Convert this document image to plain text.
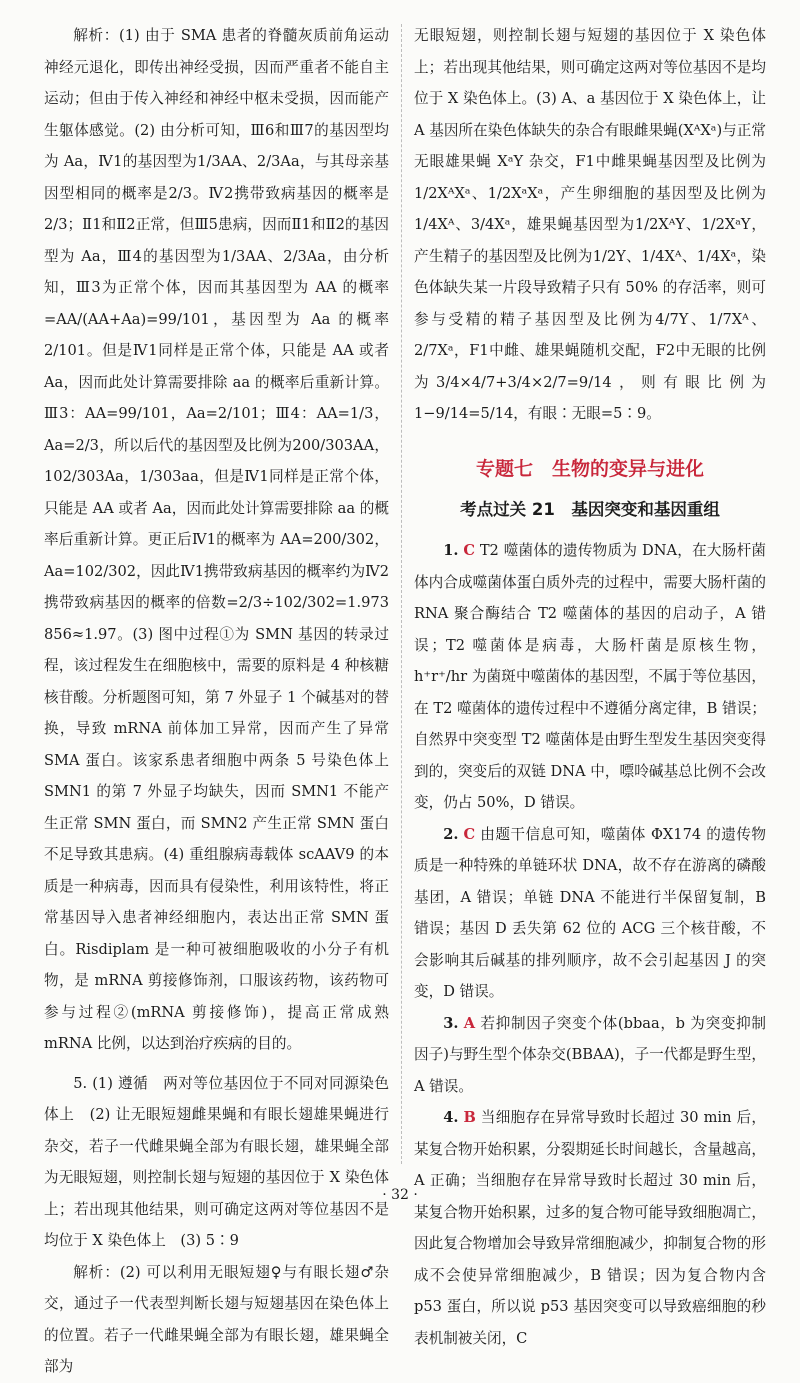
解析：(1) 由于 SMA 患者的脊髓灰质前角运动神经元退化，即传出神经受损，因而严重者不能自主运动；但由于传入神经和神经中枢未受损，因而能产生躯体感觉。(2) 由分析可知，Ⅲ6和Ⅲ7的基因型均为 Aa，Ⅳ1的基因型为1/3AA、2/3Aa，与其母亲基因型相同的概率是2/3。Ⅳ2携带致病基因的概率是2/3；Ⅱ1和Ⅱ2正常，但Ⅲ5患病，因而Ⅱ1和Ⅱ2的基因型为 Aa，Ⅲ4的基因型为1/3AA、2/3Aa，由分析知，Ⅲ3为正常个体，因而其基因型为 AA 的概率=AA/(AA+Aa)=99/101，基因型为 Aa 的概率2/101。但是Ⅳ1同样是正常个体，只能是 AA 或者 Aa，因而此处计算需要排除 aa 的概率后重新计算。Ⅲ3：AA=99/101，Aa=2/101；Ⅲ4：AA=1/3，Aa=2/3，所以后代的基因型及比例为200/303AA，102/303Aa，1/303aa，但是Ⅳ1同样是正常个体，只能是 AA 或者 Aa，因而此处计算需要排除 aa 的概率后重新计算。更正后Ⅳ1的概率为 AA=200/302，Aa=102/302，因此Ⅳ1携带致病基因的概率约为Ⅳ2携带致病基因的概率的倍数=2/3÷102/302=1.973 856≈1.97。(3) 图中过程①为 SMN 基因的转录过程，该过程发生在细胞核中，需要的原料是 4 种核糖核苷酸。分析题图可知，第 7 外显子 1 个碱基对的替换，导致 mRNA 前体加工异常，因而产生了异常 SMA 蛋白。该家系患者细胞中两条 5 号染色体上 SMN1 的第 7 外显子均缺失，因而 SMN1 不能产生正常 SMN 蛋白，而 SMN2 产生正常 SMN 蛋白不足导致其患病。(4) 重组腺病毒载体 scAAV9 的本质是一种病毒，因而具有侵染性，利用该特性，将正常基因导入患者神经细胞内，表达出正常 SMN 蛋白。Risdiplam 是一种可被细胞吸收的小分子有机物，是 mRNA 剪接修饰剂，口服该药物，该药物可参与过程②(mRNA 剪接修饰)，提高正常成熟 mRNA 比例，以达到治疗疾病的目的。

5. (1) 遵循　两对等位基因位于不同对同源染色体上　(2) 让无眼短翅雌果蝇和有眼长翅雄果蝇进行杂交，若子一代雌果蝇全部为有眼长翅，雄果蝇全部为无眼短翅，则控制长翅与短翅的基因位于 X 染色体上；若出现其他结果，则可确定这两对等位基因不是均位于 X 染色体上　(3) 5∶9

解析：(2) 可以利用无眼短翅♀与有眼长翅♂杂交，通过子一代表型判断长翅与短翅基因在染色体上的位置。若子一代雌果蝇全部为有眼长翅，雄果蝇全部为

无眼短翅，则控制长翅与短翅的基因位于 X 染色体上；若出现其他结果，则可确定这两对等位基因不是均位于 X 染色体上。(3) A、a 基因位于 X 染色体上，让 A 基因所在染色体缺失的杂合有眼雌果蝇(XᴬXᵃ)与正常无眼雄果蝇 XᵃY 杂交，F1中雌果蝇基因型及比例为1/2XᴬXᵃ、1/2XᵃXᵃ，产生卵细胞的基因型及比例为1/4Xᴬ、3/4Xᵃ，雄果蝇基因型为1/2XᴬY、1/2XᵃY，产生精子的基因型及比例为1/2Y、1/4Xᴬ、1/4Xᵃ，染色体缺失某一片段导致精子只有 50% 的存活率，则可参与受精的精子基因型及比例为4/7Y、1/7Xᴬ、2/7Xᵃ，F1中雌、雄果蝇随机交配，F2中无眼的比例为3/4×4/7+3/4×2/7=9/14，则有眼比例为1−9/14=5/14，有眼∶无眼=5∶9。

专题七　生物的变异与进化

考点过关 21　基因突变和基因重组

1. C T2 噬菌体的遗传物质为 DNA，在大肠杆菌体内合成噬菌体蛋白质外壳的过程中，需要大肠杆菌的 RNA 聚合酶结合 T2 噬菌体的基因的启动子，A 错误；T2 噬菌体是病毒，大肠杆菌是原核生物，h⁺r⁺/hr 为菌斑中噬菌体的基因型，不属于等位基因，在 T2 噬菌体的遗传过程中不遵循分离定律，B 错误；自然界中突变型 T2 噬菌体是由野生型发生基因突变得到的，突变后的双链 DNA 中，嘌呤碱基总比例不会改变，仍占 50%，D 错误。

2. C 由题干信息可知，噬菌体 ΦX174 的遗传物质是一种特殊的单链环状 DNA，故不存在游离的磷酸基团，A 错误；单链 DNA 不能进行半保留复制，B 错误；基因 D 丢失第 62 位的 ACG 三个核苷酸，不会影响其后碱基的排列顺序，故不会引起基因 J 的突变，D 错误。

3. A 若抑制因子突变个体(bbaa，b 为突变抑制因子)与野生型个体杂交(BBAA)，子一代都是野生型，A 错误。

4. B 当细胞存在异常导致时长超过 30 min 后，某复合物开始积累，分裂期延长时间越长，含量越高，A 正确；当细胞存在异常导致时长超过 30 min 后，某复合物开始积累，过多的复合物可能导致细胞凋亡，因此复合物增加会导致异常细胞减少，抑制复合物的形成不会使异常细胞减少，B 错误；因为复合物内含 p53 蛋白，所以说 p53 基因突变可以导致癌细胞的秒表机制被关闭，C

· 32 ·
